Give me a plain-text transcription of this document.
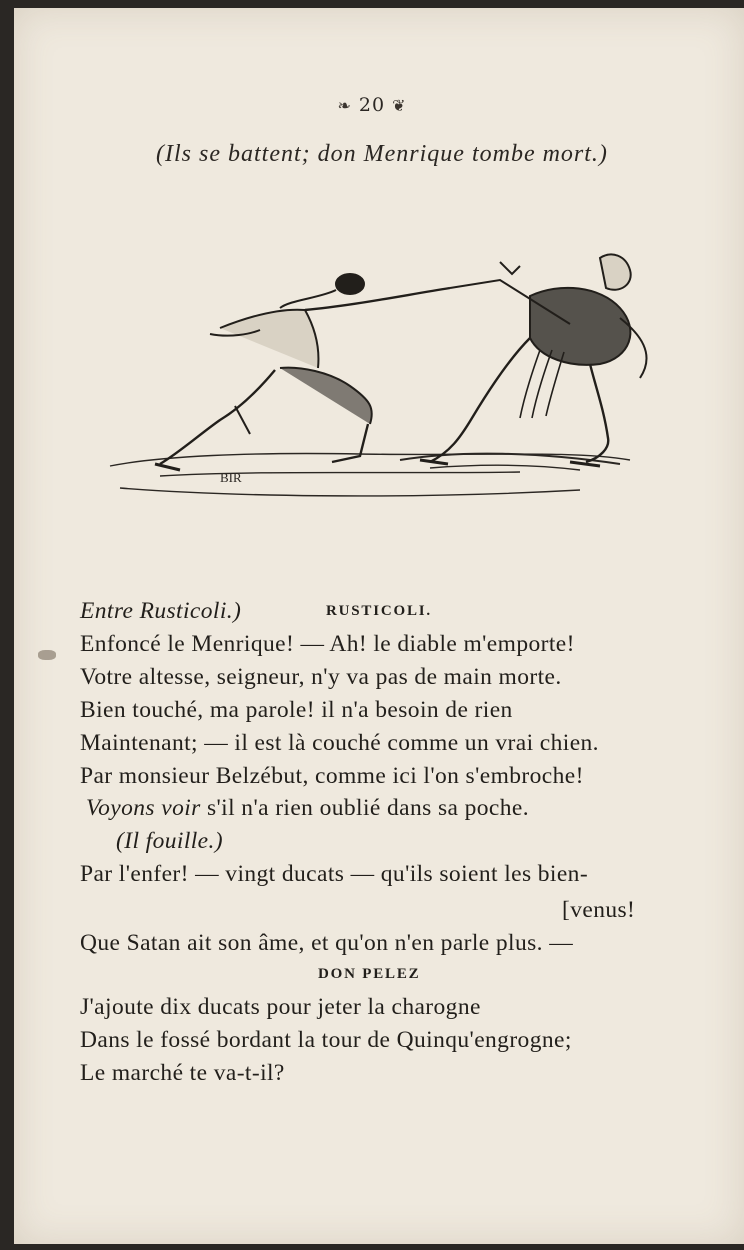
❧ 20 ❦
(Ils se battent; don Menrique tombe mort.)
BIR
Entre Rusticoli.)	RUSTICOLI.
Enfoncé le Menrique! — Ah! le diable m'emporte!
Votre altesse, seigneur, n'y va pas de main morte.
Bien touché, ma parole! il n'a besoin de rien
Maintenant; — il est là couché comme un vrai chien.
Par monsieur Belzébut, comme ici l'on s'embroche!
Voyons voir s'il n'a rien oublié dans sa poche.
(Il fouille.)
Par l'enfer! — vingt ducats — qu'ils soient les bien-
[venus!
Que Satan ait son âme, et qu'on n'en parle plus. —
DON PELEZ
J'ajoute dix ducats pour jeter la charogne
Dans le fossé bordant la tour de Quinqu'engrogne;
Le marché te va-t-il?
